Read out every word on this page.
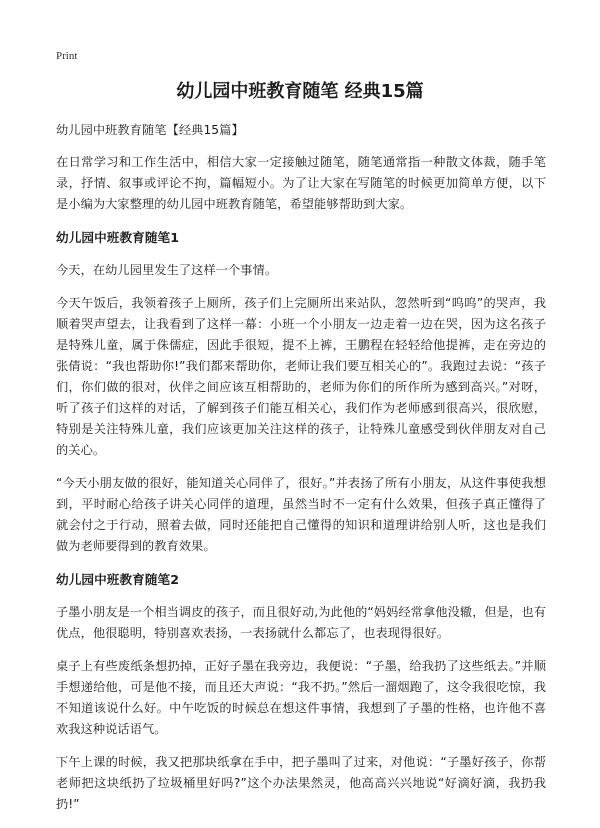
Print
幼儿园中班教育随笔 经典15篇

幼儿园中班教育随笔【经典15篇】

在日常学习和工作生活中，相信大家一定接触过随笔，随笔通常指一种散文体裁，随手笔录，抒情、叙事或评论不拘，篇幅短小。为了让大家在写随笔的时候更加简单方便，以下是小编为大家整理的幼儿园中班教育随笔，希望能够帮助到大家。

幼儿园中班教育随笔1

今天，在幼儿园里发生了这样一个事情。

今天午饭后，我领着孩子上厕所，孩子们上完厕所出来站队，忽然听到“呜呜”的哭声，我顺着哭声望去，让我看到了这样一幕：小班一个小朋友一边走着一边在哭，因为这名孩子是特殊儿童，属于侏儒症，因此手很短，提不上裤，王鹏程在轻轻给他提裤，走在旁边的张倩说：“我也帮助你!”我们都来帮助你，老师让我们要互相关心的”。我跑过去说：“孩子们，你们做的很对，伙伴之间应该互相帮助的，老师为你们的所作所为感到高兴。”对呀，听了孩子们这样的对话，了解到孩子们能互相关心，我们作为老师感到很高兴，很欣慰，特别是关注特殊儿童，我们应该更加关注这样的孩子，让特殊儿童感受到伙伴朋友对自己的关心。

“今天小朋友做的很好，能知道关心同伴了，很好。”并表扬了所有小朋友，从这件事使我想到，平时耐心给孩子讲关心同伴的道理，虽然当时不一定有什么效果，但孩子真正懂得了就会付之于行动，照着去做，同时还能把自己懂得的知识和道理讲给别人听，这也是我们做为老师要得到的教育效果。

幼儿园中班教育随笔2

子墨小朋友是一个相当调皮的孩子，而且很好动,为此他的“妈妈经常拿他没辙，但是，也有优点，他很聪明，特别喜欢表扬，一表扬就什么都忘了，也表现得很好。

桌子上有些废纸条想扔掉，正好子墨在我旁边，我便说：“子墨，给我扔了这些纸去。”并顺手想递给他，可是他不接，而且还大声说：“我不扔。”然后一溜烟跑了，这令我很吃惊，我不知道该说什么好。中午吃饭的时候总在想这件事情，我想到了子墨的性格，也许他不喜欢我这种说话语气。

下午上课的时候，我又把那块纸拿在手中，把子墨叫了过来，对他说：“子墨好孩子，你帮老师把这块纸扔了垃圾桶里好吗?”这个办法果然灵，他高高兴兴地说“好滴好滴，我扔我扔!”
